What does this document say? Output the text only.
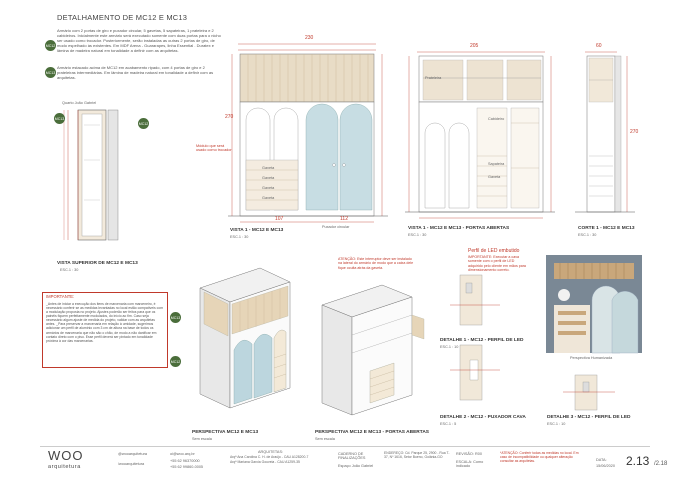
DETALHAMENTO DE MC12 E MC13
MC12
Armário com 2 portas de giro e puxador circular, 5 gavetas, 5 sapateiras, 1 prateleira e 2 cabideiros. Inicialmente este armário será executado somente com duas portas para o nicho ser usado como trocador. Posteriormente, serão instaladas as outras 2 portas de giro, de modo espelhado às existentes. Em MDF Arena - Guararapes, linha Essential . Duratex e lâmina de madeira natural em tonalidade a definir com as arquitetas.
MC13
Armário estacado acima de MC12 em acabamento ripado, com 4 portas de giro e 2 prateleiras intermediárias. Em lâmina de madeira natural em tonalidade a definir com as arquitetas.
MC13
MC12
Quarto João Gabriel
VISTA SUPERIOR DE MC12 E MC13
ESC.1 : 30
230
270
107	112
Gaveta
Gaveta
Gaveta
Gaveta
Puxador circular
Módulo que será usado como trocador
VISTA 1 - MC12 E MC13
ESC.1 : 30
205
Prateleira
Cabideiro
Sapateira
Gaveta
VISTA 1 - MC12 E MC13 - PORTAS ABERTAS
ESC.1 : 30
60
270
CORTE 1 - MC12 E MC13
ESC.1 : 30
IMPORTANTE:
_Antes de iniciar a execução dos itens de marcenaria com marceneiro, é necessário conferir se as medidas levantadas no local estão compatíveis com a modulação proposta no projeto. Ajustes poderão ser feitos para que os painéis fiquem perfeitamente modulados, do início ao fim. Caso seja necessário algum ajuste de medida do projeto, validar com as arquitetas antes. _Para preservar a marcenaria em relação à umidade, sugerimos adicionar um perfil de alumínio com 3 cm de altura na base de todos os armários de marcenaria que não são o chão, de modo a não danificar em contato direto com o piso. Esse perfil deverá ser pintado em tonalidade próxima à cor das marcenarias.
MC13
MC12
PERSPECTIVA MC12 E MC13
Sem escala
ATENÇÃO: Este interruptor deve ser instalado na lateral do armário de modo que a caixa dele fique oculta atrás da gaveta.
PERSPECTIVA MC12 E MC13 - PORTAS ABERTAS
Sem escala
Perfil de LED embutido
IMPORTANTE: Executar a cava somente com o perfil de LED adquirido pelo cliente em mãos para dimensionamento correto.
DETALHE 1 - MC12 - PERFIL DE LED
ESC.1 : 10
DETALHE 2 - MC12 - PUXADOR CAVA
ESC.1 : 5
Perspectiva Humanizada
DETALHE 3 - MC12 - PERFIL DE LED
ESC.1 : 10
WOO
arquitetura
@wooarquitetura
/wooarquitetura
oi@woo.arq.br
+55 62 96370000
+55 62 99860-0005
ARQUITETAS:
Arqª Ana Carolina C. H. de Araújo - CAU A128200-7
Arqª Mariana Garcia Gouveia - CAU A1259-35
CADERNO DE FINALIZAÇÕES
Espaço João Gabriel
ENDEREÇO: Cd. Parque 25, 2900 - Rua T-37, Nº 1616, Setor Bueno, Goiânia-GO
REVISÃO: R00
ESCALA: Como indicado
*ATENÇÃO: Conferir todas as medidas no local. Em caso de incompatibilidade ou qualquer alteração consultar as arquitetas.	DATA:
15/06/2020 2.13 /2.18
